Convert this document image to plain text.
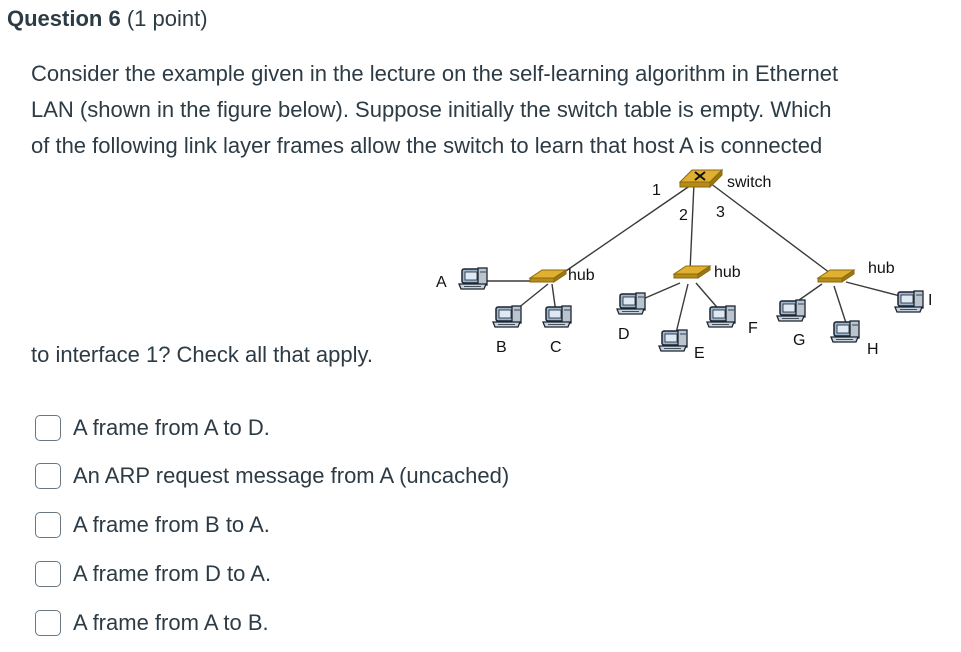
Question 6 (1 point)
Consider the example given in the lecture on the self-learning algorithm in Ethernet
LAN (shown in the figure below). Suppose initially the switch table is empty. Which
of the following link layer frames allow the switch to learn that host A is connected
to interface 1? Check all that apply.
switch
1
2 3
hub	hub	hub
A
B	C
D
E
F
G
H
I
A frame from A to D.
An ARP request message from A (uncached)
A frame from B to A.
A frame from D to A.
A frame from A to B.
